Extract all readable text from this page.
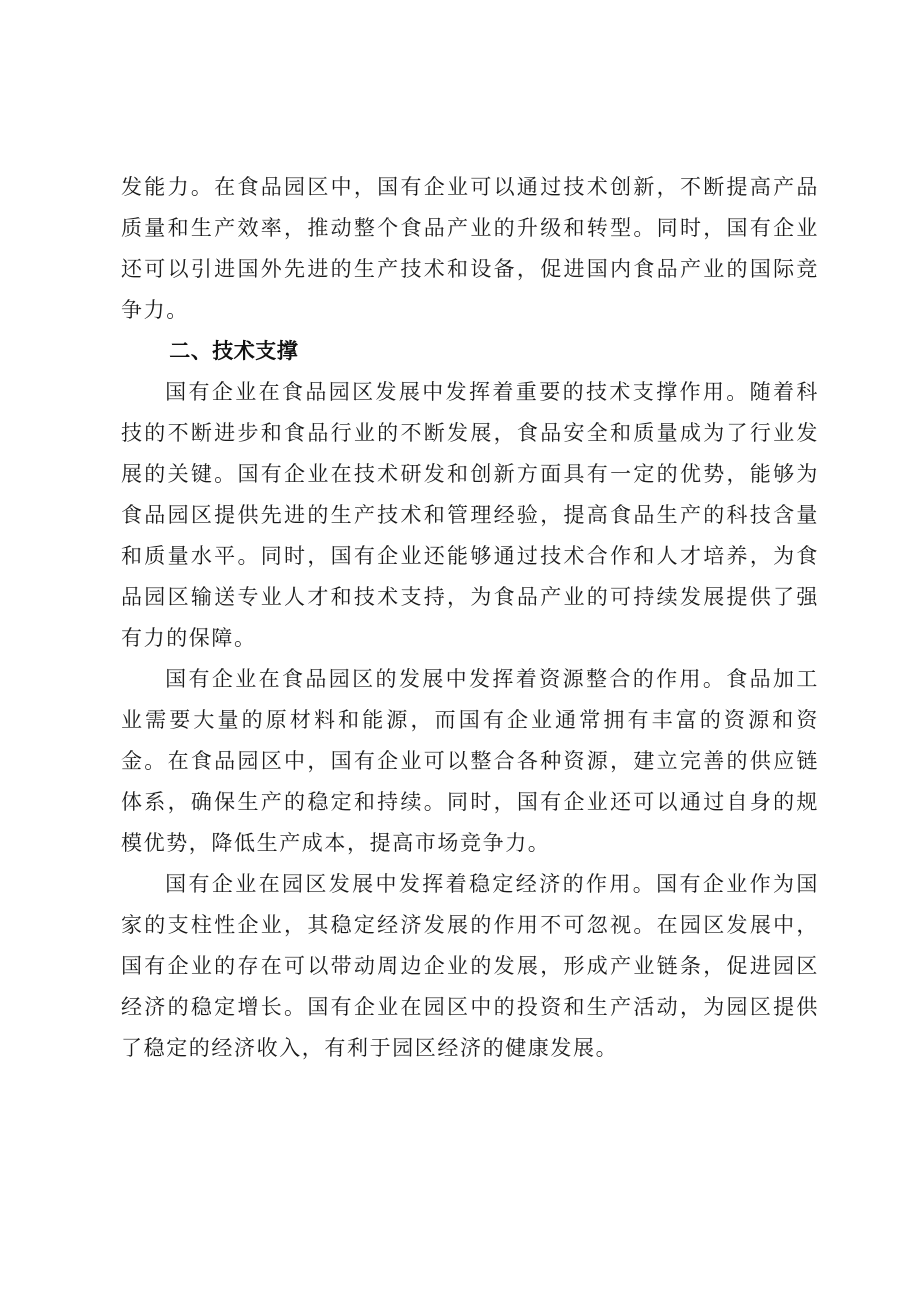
发能力。在食品园区中，国有企业可以通过技术创新，不断提高产品质量和生产效率，推动整个食品产业的升级和转型。同时，国有企业还可以引进国外先进的生产技术和设备，促进国内食品产业的国际竞争力。

二、技术支撑

国有企业在食品园区发展中发挥着重要的技术支撑作用。随着科技的不断进步和食品行业的不断发展，食品安全和质量成为了行业发展的关键。国有企业在技术研发和创新方面具有一定的优势，能够为食品园区提供先进的生产技术和管理经验，提高食品生产的科技含量和质量水平。同时，国有企业还能够通过技术合作和人才培养，为食品园区输送专业人才和技术支持，为食品产业的可持续发展提供了强有力的保障。

国有企业在食品园区的发展中发挥着资源整合的作用。食品加工业需要大量的原材料和能源，而国有企业通常拥有丰富的资源和资金。在食品园区中，国有企业可以整合各种资源，建立完善的供应链体系，确保生产的稳定和持续。同时，国有企业还可以通过自身的规模优势，降低生产成本，提高市场竞争力。

国有企业在园区发展中发挥着稳定经济的作用。国有企业作为国家的支柱性企业，其稳定经济发展的作用不可忽视。在园区发展中，国有企业的存在可以带动周边企业的发展，形成产业链条，促进园区经济的稳定增长。国有企业在园区中的投资和生产活动，为园区提供了稳定的经济收入，有利于园区经济的健康发展。
